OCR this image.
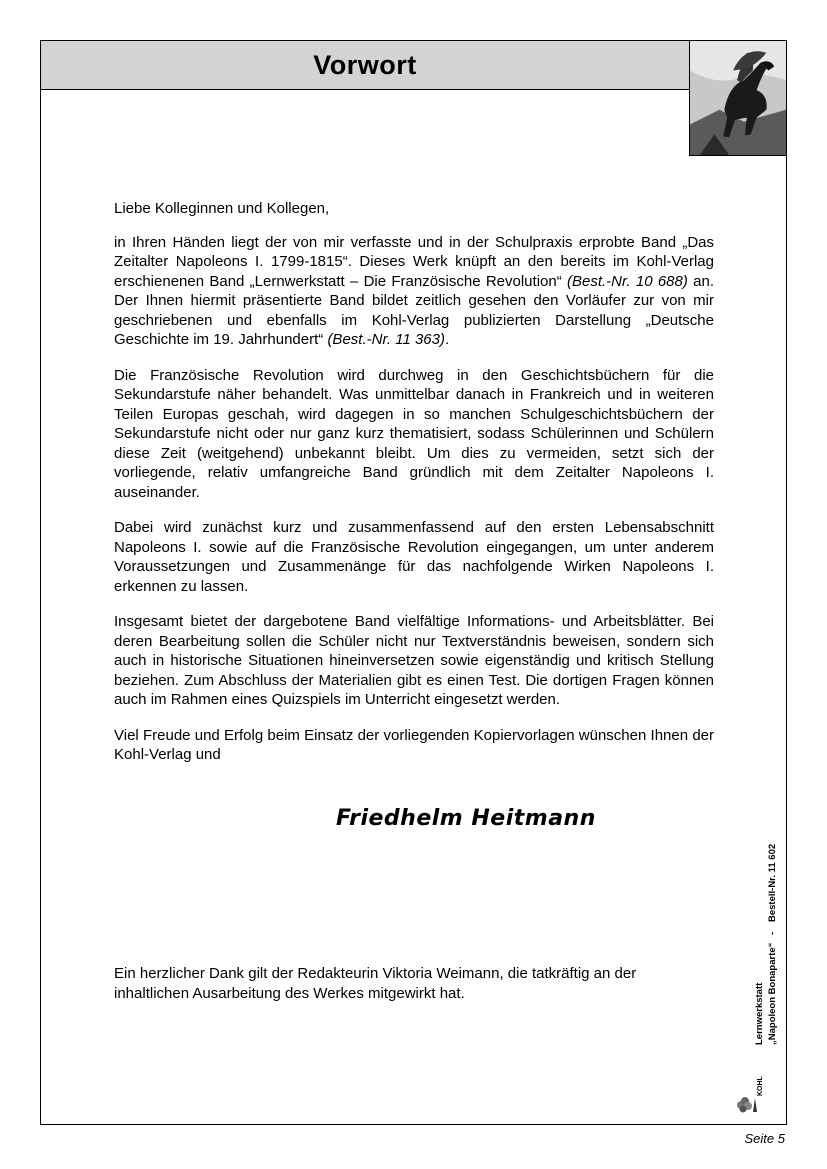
Vorwort

Liebe Kolleginnen und Kollegen,

in Ihren Händen liegt der von mir verfasste und in der Schulpraxis erprobte Band „Das Zeitalter Napoleons I. 1799-1815“. Dieses Werk knüpft an den bereits im Kohl-Verlag erschienenen Band „Lernwerkstatt – Die Französische Revolution“ (Best.-Nr. 10 688) an. Der Ihnen hiermit präsentierte Band bildet zeitlich gesehen den Vorläufer zur von mir geschriebenen und ebenfalls im Kohl-Verlag publizierten Darstellung „Deutsche Geschichte im 19. Jahrhundert“ (Best.-Nr. 11 363).

Die Französische Revolution wird durchweg in den Geschichtsbüchern für die Sekundarstufe näher behandelt. Was unmittelbar danach in Frankreich und in weiteren Teilen Europas geschah, wird dagegen in so manchen Schulgeschichtsbüchern der Sekundarstufe nicht oder nur ganz kurz thematisiert, sodass Schülerinnen und Schülern diese Zeit (weitgehend) unbekannt bleibt. Um dies zu vermeiden, setzt sich der vorliegende, relativ umfangreiche Band gründlich mit dem Zeitalter Napoleons I. auseinander.

Dabei wird zunächst kurz und zusammenfassend auf den ersten Lebensabschnitt Napoleons I. sowie auf die Französische Revolution eingegangen, um unter anderem Voraussetzungen und Zusammenänge für das nachfolgende Wirken Napoleons I. erkennen zu lassen.

Insgesamt bietet der dargebotene Band vielfältige Informations- und Arbeitsblätter. Bei deren Bearbeitung sollen die Schüler nicht nur Textverständnis beweisen, sondern sich auch in historische Situationen hineinversetzen sowie eigenständig und kritisch Stellung beziehen. Zum Abschluss der Materialien gibt es einen Test. Die dortigen Fragen können auch im Rahmen eines Quizspiels im Unterricht eingesetzt werden.

Viel Freude und Erfolg beim Einsatz der vorliegenden Kopiervorlagen wünschen Ihnen der Kohl-Verlag und

Friedhelm Heitmann

Ein herzlicher Dank gilt der Redakteurin Viktoria Weimann, die tatkräftig an der inhaltlichen Ausarbeitung des Werkes mitgewirkt hat.	Lernwerkstatt „Napoleon Bonaparte“
-
Bestell-Nr. 11 602
KOHL
Seite 5
